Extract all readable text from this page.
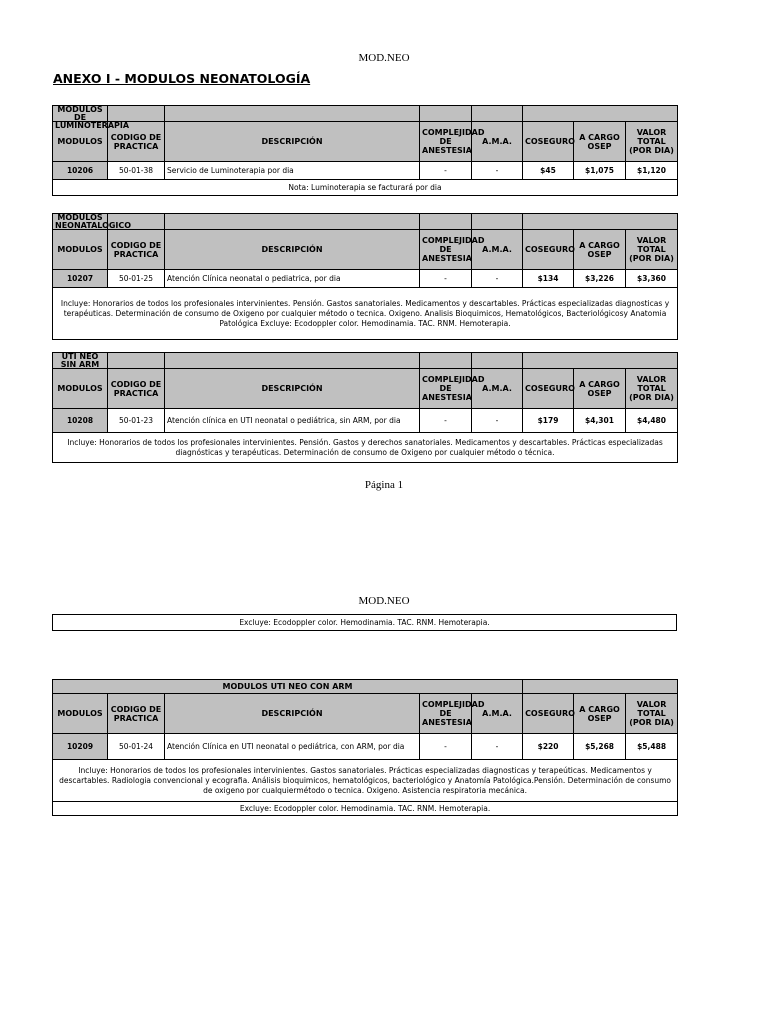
MOD.NEO
ANEXO I - MODULOS NEONATOLOGÍA
MODULOS DE LUMINOTERAPIA							

MODULOS	CODIGO DE PRACTICA	DESCRIPCIÓN	COMPLEJIDAD DE ANESTESIA	A.M.A.	COSEGURO	A CARGO OSEP	VALOR TOTAL (POR DIA)
10206	50-01-38	Servicio de Luminoterapia por dia	-	-	$45	$1,075	$1,120
Nota: Luminoterapia se facturará por dia							
MODULOS NEONATALOGICO							

MODULOS	CODIGO DE PRACTICA	DESCRIPCIÓN	COMPLEJIDAD DE ANESTESIA	A.M.A.	COSEGURO	A CARGO OSEP	VALOR TOTAL (POR DIA)
10207	50-01-25	Atención Clínica neonatal o pediatrica, por dia	-	-	$134	$3,226	$3,360
Incluye: Honorarios de todos los profesionales intervinientes. Pensión. Gastos sanatoriales. Medicamentos y descartables. Prácticas especializadas diagnosticas y terapéuticas. Determinación de consumo de Oxigeno por cualquier método o tecnica. Oxigeno. Analisis Bioquimicos, Hematológicos, Bacteriológicosy Anatomia Patológica Excluye: Ecodoppler color. Hemodinamia. TAC. RNM. Hemoterapia.							
UTI NEO SIN ARM							

MODULOS	CODIGO DE PRACTICA	DESCRIPCIÓN	COMPLEJIDAD DE ANESTESIA	A.M.A.	COSEGURO	A CARGO OSEP	VALOR TOTAL (POR DIA)
10208	50-01-23	Atención clínica en UTI neonatal o pediátrica, sin ARM, por dia	-	-	$179	$4,301	$4,480
Incluye: Honorarios de todos los profesionales intervinientes. Pensión. Gastos y derechos sanatoriales. Medicamentos y descartables. Prácticas especializadas diagnósticas y terapéuticas. Determinación de consumo de Oxigeno por cualquier método o técnica.							
Página 1
MOD.NEO
Excluye: Ecodoppler color. Hemodinamia. TAC. RNM. Hemoterapia.
MODULOS UTI NEO CON ARM							
MODULOS	CODIGO DE PRACTICA	DESCRIPCIÓN	COMPLEJIDAD DE ANESTESIA	A.M.A.	COSEGURO	A CARGO OSEP	VALOR TOTAL (POR DIA)
10209	50-01-24	Atención Clínica en UTI neonatal o pediátrica, con ARM, por dia	-	-	$220	$5,268	$5,488
Incluye: Honorarios de todos los profesionales intervinientes. Gastos sanatoriales. Prácticas especializadas diagnosticas y terapeúticas. Medicamentos y descartables. Radiologia convencional y ecografia. Análisis bioquimicos, hematológicos, bacteriológico y Anatomía Patológica.Pensión. Determinación de consumo de oxigeno por cualquiermétodo o tecnica. Oxigeno. Asistencia respiratoria mecánica.							
Excluye: Ecodoppler color. Hemodinamia. TAC. RNM. Hemoterapia.							
